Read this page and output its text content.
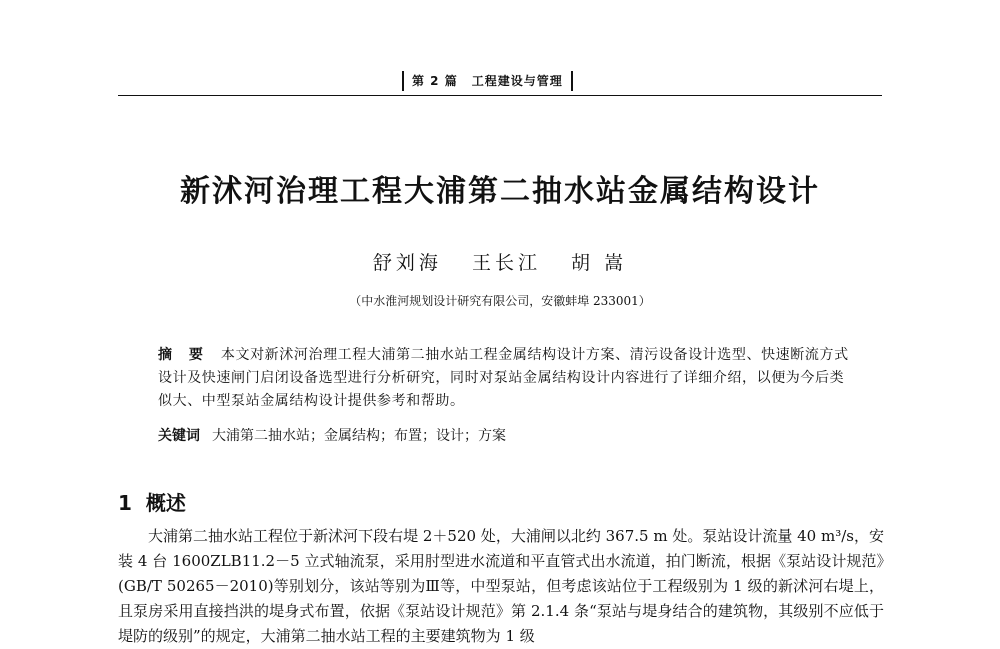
第 2 篇 工程建设与管理
新沭河治理工程大浦第二抽水站金属结构设计
舒刘海 王长江 胡 嵩
（中水淮河规划设计研究有限公司，安徽蚌埠 233001）
摘 要 本文对新沭河治理工程大浦第二抽水站工程金属结构设计方案、清污设备设计选型、快速断流方式设计及快速闸门启闭设备选型进行分析研究，同时对泵站金属结构设计内容进行了详细介绍，以便为今后类似大、中型泵站金属结构设计提供参考和帮助。
关键词 大浦第二抽水站；金属结构；布置；设计；方案
1 概述
大浦第二抽水站工程位于新沭河下段右堤 2＋520 处，大浦闸以北约 367.5 m 处。泵站设计流量 40 m³/s，安装 4 台 1600ZLB11.2－5 立式轴流泵，采用肘型进水流道和平直管式出水流道，拍门断流，根据《泵站设计规范》(GB/T 50265－2010)等别划分，该站等别为Ⅲ等，中型泵站，但考虑该站位于工程级别为 1 级的新沭河右堤上，且泵房采用直接挡洪的堤身式布置，依据《泵站设计规范》第 2.1.4 条“泵站与堤身结合的建筑物，其级别不应低于堤防的级别”的规定，大浦第二抽水站工程的主要建筑物为 1 级
